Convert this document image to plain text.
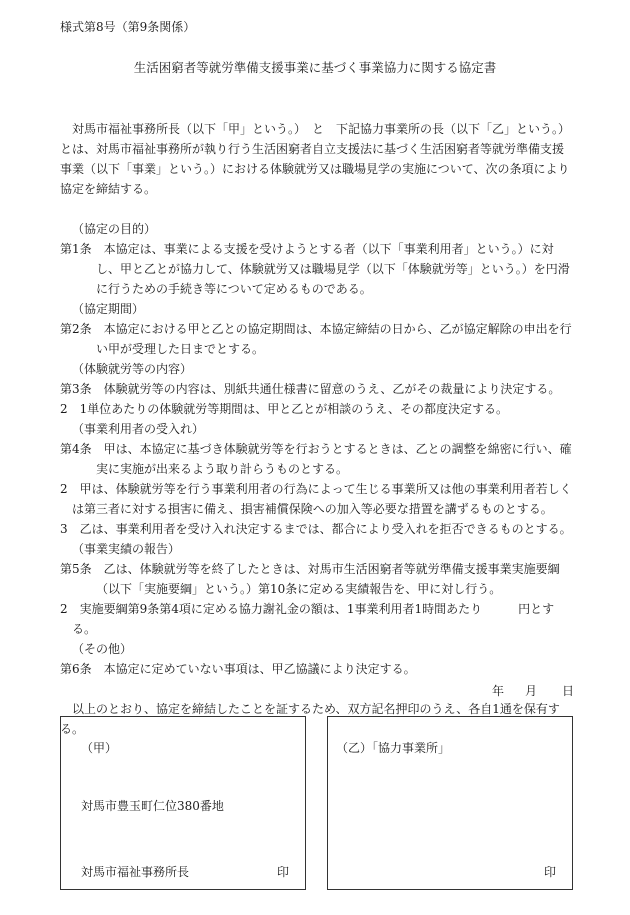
様式第8号（第9条関係）
生活困窮者等就労準備支援事業に基づく事業協力に関する協定書

対馬市福祉事務所長（以下「甲」という。）　と　下記協力事業所の長（以下「乙」という。）とは、対馬市福祉事務所が執り行う生活困窮者自立支援法に基づく生活困窮者等就労準備支援事業（以下「事業」という。）における体験就労又は職場見学の実施について、次の条項により協定を締結する。

（協定の目的）

第1条　本協定は、事業による支援を受けようとする者（以下「事業利用者」という。）に対し、甲と乙とが協力して、体験就労又は職場見学（以下「体験就労等」という。）を円滑に行うための手続き等について定めるものである。

（協定期間）

第2条　本協定における甲と乙との協定期間は、本協定締結の日から、乙が協定解除の申出を行い甲が受理した日までとする。

（体験就労等の内容）

第3条　体験就労等の内容は、別紙共通仕様書に留意のうえ、乙がその裁量により決定する。

2　1単位あたりの体験就労等期間は、甲と乙とが相談のうえ、その都度決定する。

（事業利用者の受入れ）

第4条　甲は、本協定に基づき体験就労等を行おうとするときは、乙との調整を綿密に行い、確実に実施が出来るよう取り計らうものとする。

2　甲は、体験就労等を行う事業利用者の行為によって生じる事業所又は他の事業利用者若しくは第三者に対する損害に備え、損害補償保険への加入等必要な措置を講ずるものとする。

3　乙は、事業利用者を受け入れ決定するまでは、都合により受入れを拒否できるものとする。

（事業実績の報告）

第5条　乙は、体験就労等を終了したときは、対馬市生活困窮者等就労準備支援事業実施要綱（以下「実施要綱」という。）第10条に定める実績報告を、甲に対し行う。

2　実施要綱第9条第4項に定める協力謝礼金の額は、1事業利用者1時間あたり　　　円とする。

（その他）

第6条　本協定に定めていない事項は、甲乙協議により決定する。

以上のとおり、協定を締結したことを証するため、双方記名押印のうえ、各自1通を保有する。

年 月 日
（甲）
対馬市豊玉町仁位380番地
対馬市福祉事務所長	印
（乙）「協力事業所」
印
